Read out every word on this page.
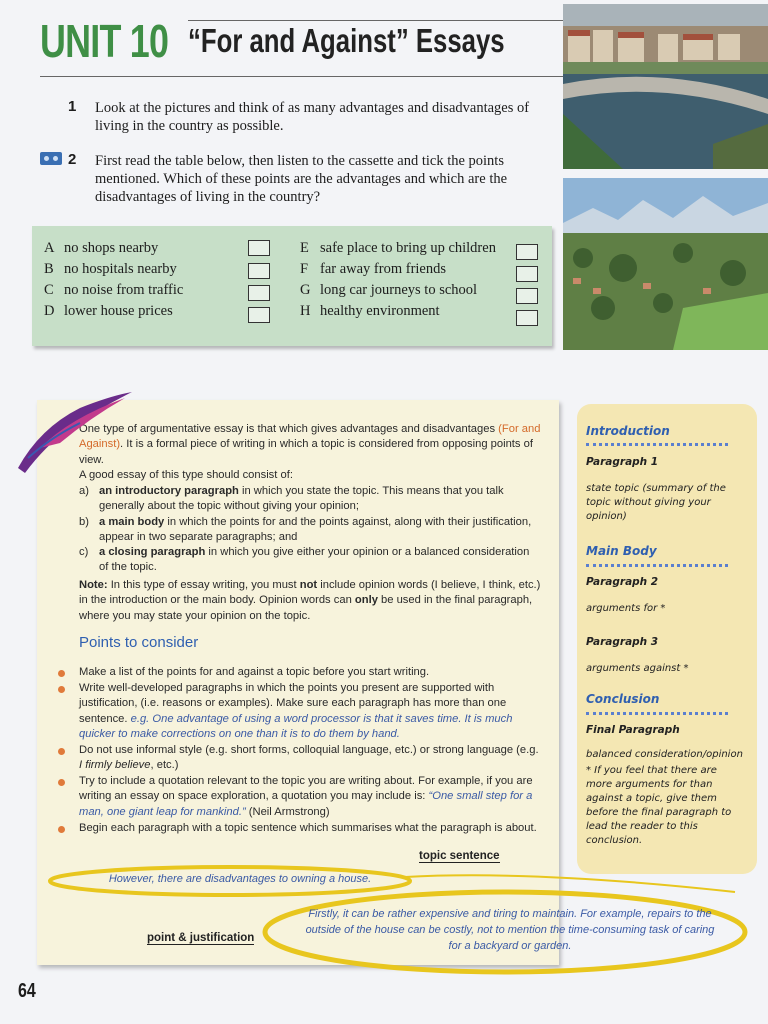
UNIT 10 “For and Against” Essays
1 Look at the pictures and think of as many advantages and disadvantages of living in the country as possible.
2 First read the table below, then listen to the cassette and tick the points mentioned. Which of these points are the advantages and which are the disadvantages of living in the country?
A no shops nearby
B no hospitals nearby
C no noise from traffic
D lower house prices
E safe place to bring up children
F far away from friends
G long car journeys to school
H healthy environment
One type of argumentative essay is that which gives advantages and disadvantages (For and Against). It is a formal piece of writing in which a topic is considered from opposing points of view.
A good essay of this type should consist of:
a) an introductory paragraph in which you state the topic. This means that you talk generally about the topic without giving your opinion;
b) a main body in which the points for and the points against, along with their justification, appear in two separate paragraphs; and
c) a closing paragraph in which you give either your opinion or a balanced consideration of the topic.
Note: In this type of essay writing, you must not include opinion words (I believe, I think, etc.) in the introduction or the main body. Opinion words can only be used in the final paragraph, where you may state your opinion on the topic.
Points to consider
Make a list of the points for and against a topic before you start writing.
Write well-developed paragraphs in which the points you present are supported with justification, (i.e. reasons or examples). Make sure each paragraph has more than one sentence. e.g. One advantage of using a word processor is that it saves time. It is much quicker to make corrections on one than it is to do them by hand.
Do not use informal style (e.g. short forms, colloquial language, etc.) or strong language (e.g. I firmly believe, etc.)
Try to include a quotation relevant to the topic you are writing about. For example, if you are writing an essay on space exploration, a quotation you may include is: “One small step for a man, one giant leap for mankind.” (Neil Armstrong)
Begin each paragraph with a topic sentence which summarises what the paragraph is about.
topic sentence
point & justification
Introduction
Paragraph 1
state topic (summary of the topic without giving your opinion)
Main Body
Paragraph 2
arguments for *
Paragraph 3
arguments against *
Conclusion
Final Paragraph
balanced consideration/opinion
* If you feel that there are more arguments for than against a topic, give them before the final paragraph to lead the reader to this conclusion.
However, there are disadvantages to owning a house.
Firstly, it can be rather expensive and tiring to maintain. For example, repairs to the outside of the house can be costly, not to mention the time-consuming task of caring for a backyard or garden.
64
